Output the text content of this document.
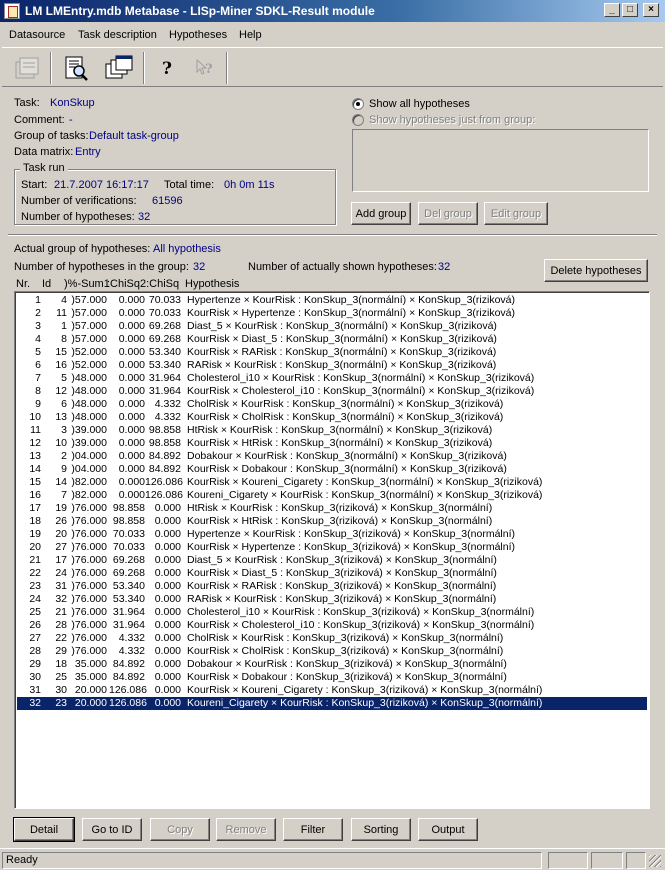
LM LMEntry.mdb Metabase - LISp-Miner SDKL-Result module	_	□	×
Datasource Task description Hypotheses Help
?	?
Task: KonSkup
Comment: -
Group of tasks: Default task-group
Data matrix: Entry
Task run
Start: 21.7.2007 16:17:17 Total time: 0h 0m 11s
Number of verifications: 61596
Number of hypotheses: 32
Show all hypotheses
Show hypotheses just from group:
Add group	Del group	Edit group
Actual group of hypotheses: All hypothesis
Number of hypotheses in the group: 32	Number of actually shown hypotheses: 32	Delete hypotheses
Nr. Id )%-Sum1
:ChiSq 2:ChiSq Hypothesis
1	4 )57.000	0.000 70.033 Hypertenze × KourRisk : KonSkup_3(normální) × KonSkup_3(riziková)
2	11 )57.000	0.000 70.033 KourRisk × Hypertenze : KonSkup_3(normální) × KonSkup_3(riziková)
3	1 )57.000	0.000 69.268 Diast_5 × KourRisk : KonSkup_3(normální) × KonSkup_3(riziková)
4	8 )57.000	0.000 69.268 KourRisk × Diast_5 : KonSkup_3(normální) × KonSkup_3(riziková)
5	15 )52.000	0.000 53.340 KourRisk × RARisk : KonSkup_3(normální) × KonSkup_3(riziková)
6	16 )52.000	0.000 53.340 RARisk × KourRisk : KonSkup_3(normální) × KonSkup_3(riziková)
7	5 )48.000	0.000 31.964 Cholesterol_i10 × KourRisk : KonSkup_3(normální) × KonSkup_3(riziková)
8	12 )48.000	0.000 31.964 KourRisk × Cholesterol_i10 : KonSkup_3(normální) × KonSkup_3(riziková)
9	6 )48.000	0.000 4.332 CholRisk × KourRisk : KonSkup_3(normální) × KonSkup_3(riziková)
10	13 )48.000	0.000 4.332 KourRisk × CholRisk : KonSkup_3(normální) × KonSkup_3(riziková)
11	3 )39.000	0.000 98.858 HtRisk × KourRisk : KonSkup_3(normální) × KonSkup_3(riziková)
12	10 )39.000	0.000 98.858 KourRisk × HtRisk : KonSkup_3(normální) × KonSkup_3(riziková)
13	2 )04.000	0.000 84.892 Dobakour × KourRisk : KonSkup_3(normální) × KonSkup_3(riziková)
14	9 )04.000	0.000 84.892 KourRisk × Dobakour : KonSkup_3(normální) × KonSkup_3(riziková)
15	14 )82.000	0.000 126.086 KourRisk × Koureni_Cigarety : KonSkup_3(normální) × KonSkup_3(riziková)
16	7 )82.000	0.000 126.086 Koureni_Cigarety × KourRisk : KonSkup_3(normální) × KonSkup_3(riziková)
17	19 )76.000 98.858 0.000 HtRisk × KourRisk : KonSkup_3(riziková) × KonSkup_3(normální)
18	26 )76.000 98.858 0.000 KourRisk × HtRisk : KonSkup_3(riziková) × KonSkup_3(normální)
19	20 )76.000 70.033 0.000 Hypertenze × KourRisk : KonSkup_3(riziková) × KonSkup_3(normální)
20	27 )76.000 70.033 0.000 KourRisk × Hypertenze : KonSkup_3(riziková) × KonSkup_3(normální)
21	17 )76.000 69.268 0.000 Diast_5 × KourRisk : KonSkup_3(riziková) × KonSkup_3(normální)
22	24 )76.000 69.268 0.000 KourRisk × Diast_5 : KonSkup_3(riziková) × KonSkup_3(normální)
23	31 )76.000 53.340 0.000 KourRisk × RARisk : KonSkup_3(riziková) × KonSkup_3(normální)
24	32 )76.000 53.340 0.000 RARisk × KourRisk : KonSkup_3(riziková) × KonSkup_3(normální)
25	21 )76.000 31.964 0.000 Cholesterol_i10 × KourRisk : KonSkup_3(riziková) × KonSkup_3(normální)
26	28 )76.000 31.964 0.000 KourRisk × Cholesterol_i10 : KonSkup_3(riziková) × KonSkup_3(normální)
27	22 )76.000	4.332 0.000 CholRisk × KourRisk : KonSkup_3(riziková) × KonSkup_3(normální)
28	29 )76.000	4.332 0.000 KourRisk × CholRisk : KonSkup_3(riziková) × KonSkup_3(normální)
29	18 35.000 84.892 0.000 Dobakour × KourRisk : KonSkup_3(riziková) × KonSkup_3(normální)
30	25 35.000 84.892 0.000 KourRisk × Dobakour : KonSkup_3(riziková) × KonSkup_3(normální)
31	30 20.000 126.086 0.000 KourRisk × Koureni_Cigarety : KonSkup_3(riziková) × KonSkup_3(normální)
32	23 20.000 126.086 0.000 Koureni_Cigarety × KourRisk : KonSkup_3(riziková) × KonSkup_3(normální)
Detail	Go to ID	Copy	Remove	Filter	Sorting	Output
Ready
